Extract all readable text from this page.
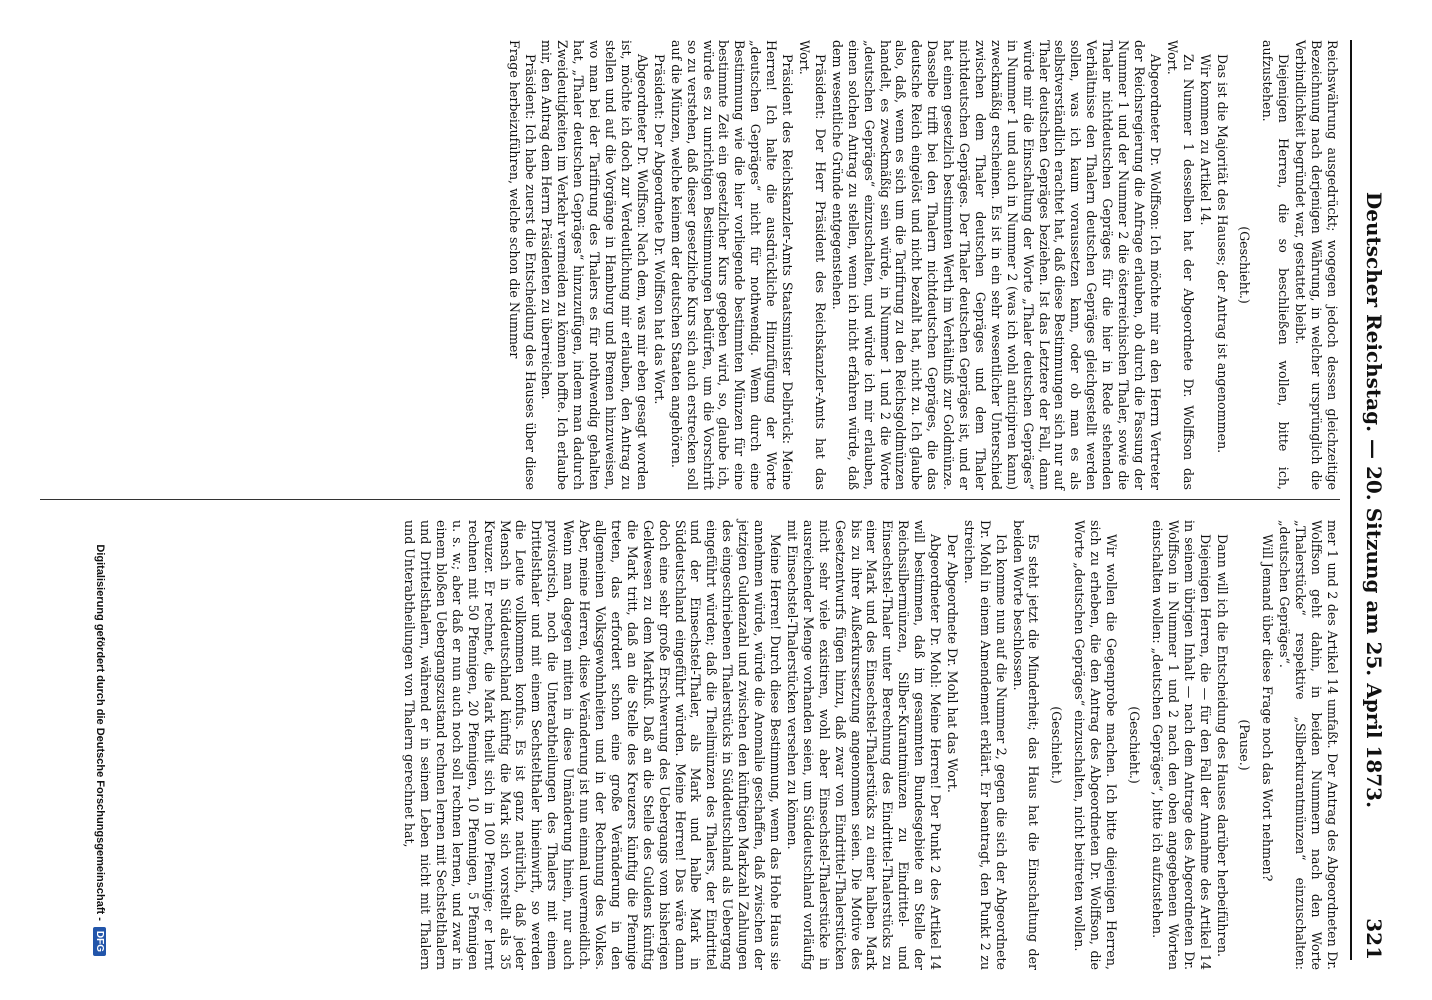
Deutscher Reichstag. — 20. Sitzung am 25. April 1873.
321

Reichswährung ausgedrückt; wogegen jedoch dessen gleichzeitige Bezeichnung nach derjenigen Währung, in welcher ursprünglich die Verbindlichkeit begründet war, gestattet bleibt.

Diejenigen Herren, die so beschließen wollen, bitte ich, aufzustehen.

(Geschieht.)

Das ist die Majorität des Hauses; der Antrag ist angenommen.

Wir kommen zu Artikel 14.

Zu Nummer 1 desselben hat der Abgeordnete Dr. Wolffson das Wort.

Abgeordneter Dr. Wolffson: Ich möchte mir an den Herrn Vertreter der Reichsregierung die Anfrage erlauben, ob durch die Fassung der Nummer 1 und der Nummer 2 die österreichischen Thaler, sowie die Thaler nichtdeutschen Gepräges für die hier in Rede stehenden Verhältnisse den Thalern deutschen Gepräges gleichgestellt werden sollen, was ich kaum voraussetzen kann, oder ob man es als selbstverständlich erachtet hat, daß diese Bestimmungen sich nur auf Thaler deutschen Gepräges beziehen. Ist das Letztere der Fall, dann würde mir die Einschaltung der Worte „Thaler deutschen Gepräges“ in Nummer 1 und auch in Nummer 2 (was ich wohl anticipiren kann) zweckmäßig erscheinen. Es ist in ein sehr wesentlicher Unterschied zwischen dem Thaler deutschen Gepräges und dem Thaler nichtdeutschen Gepräges. Der Thaler deutschen Gepräges ist, und er hat einen gesetzlich bestimmten Werth im Verhältniß zur Goldmünze. Dasselbe trifft bei den Thalern nichtdeutschen Gepräges, die das deutsche Reich eingelöst und nicht bezahlt hat, nicht zu. Ich glaube also, daß, wenn es sich um die Tarifirung zu den Reichsgoldmünzen handelt, es zweckmäßig sein würde, in Nummer 1 und 2 die Worte „deutschen Gepräges“ einzuschalten, und würde ich mir erlauben, einen solchen Antrag zu stellen, wenn ich nicht erfahren würde, daß dem wesentliche Gründe entgegenstehen.

Präsident: Der Herr Präsident des Reichskanzler-Amts hat das Wort.

Präsident des Reichskanzler-Amts Staatsminister Delbrück: Meine Herren! Ich halte die ausdrückliche Hinzufügung der Worte „deutschen Gepräges“ nicht für nothwendig. Wenn durch eine Bestimmung wie die hier vorliegende bestimmten Münzen für eine bestimmte Zeit ein gesetzlicher Kurs gegeben wird, so, glaube ich, würde es zu unrichtigen Bestimmungen bedürfen, um die Vorschrift so zu verstehen, daß dieser gesetzliche Kurs sich auch erstrecken soll auf die Münzen, welche keinem der deutschen Staaten angehören.

Präsident: Der Abgeordnete Dr. Wolffson hat das Wort.

Abgeordneter Dr. Wolffson: Nach dem, was mir eben gesagt worden ist, möchte ich doch zur Verdeutlichung mir erlauben, den Antrag zu stellen und auf die Vorgänge in Hamburg und Bremen hinzuweisen, wo man bei der Tarifirung des Thalers es für nothwendig gehalten hat, „Thaler deutschen Gepräges“ hinzuzufügen, indem man dadurch Zweideutigkeiten im Verkehr vermeiden zu können hoffte. Ich erlaube mir, den Antrag dem Herrn Präsidenten zu überreichen.

Präsident: Ich habe zuerst die Entscheidung des Hauses über diese Frage herbeizuführen, welche schon die Nummer

mer 1 und 2 des Artikel 14 umfaßt. Der Antrag des Abgeordneten Dr. Wolffson geht dahin, in beiden Nummern nach den Worte „Thalerstücke“ respektive „Silberkurantmünzen“ einzuschalten: „deutschen Gepräges“.

Will Jemand über diese Frage noch das Wort nehmen?

(Pause.)

Dann will ich die Entscheidung des Hauses darüber herbeiführen.

Diejenigen Herren, die — für den Fall der Annahme des Artikel 14 in seinem übrigen Inhalt — nach dem Antrage des Abgeordneten Dr. Wolffson in Nummer 1 und 2 nach den oben angegebenen Worten einschalten wollen: „deutschen Gepräges“, bitte ich aufzustehen.

(Geschieht.)

Wir wollen die Gegenprobe machen. Ich bitte diejenigen Herren, sich zu erheben, die den Antrag des Abgeordneten Dr. Wolffson, die Worte „deutschen Gepräges“ einzuschalten, nicht beitreten wollen.

(Geschieht.)

Es steht jetzt die Minderheit; das Haus hat die Einschaltung der beiden Worte beschlossen.

Ich komme nun auf die Nummer 2, gegen die sich der Abgeordnete Dr. Mohl in einem Amendement erklärt. Er beantragt, den Punkt 2 zu streichen.

Der Abgeordnete Dr. Mohl hat das Wort.

Abgeordneter Dr. Mohl: Meine Herren! Der Punkt 2 des Artikel 14 will bestimmen, daß im gesammten Bundesgebiete an Stelle der Reichssilbermünzen, Silber-Kurantmünzen zu Eindrittel- und Einsechstel-Thaler unter Berechnung des Eindrittel-Thalerstücks zu einer Mark und des Einsechstel-Thalerstücks zu einer halben Mark bis zu ihrer Außerkurssetzung angenommen seien. Die Motive des Gesetzentwurfs fügen hinzu, daß zwar von Eindrittel-Thalerstücken nicht sehr viele existiren, wohl aber Einsechstel-Thalerstücke in ausreichender Menge vorhanden seien, um Süddeutschland vorläufig mit Einsechstel-Thalerstücken versehen zu können.

Meine Herren! Durch diese Bestimmung, wenn das Hohe Haus sie annehmen würde, würde die Anomalie geschaffen, daß zwischen der jetzigen Guldenzahl und zwischen den künftigen Markzahl Zahlungen des eingeschriebenen Thalerstücks in Süddeutschland als Uebergang eingeführt würden; daß die Theilmünzen des Thalers, der Eindrittel und der Einsechstel-Thaler, als Mark und halbe Mark in Süddeutschland eingeführt würden. Meine Herren! Das wäre dann doch eine sehr große Erschwerung des Uebergangs vom bisherigen Geldwesen zu dem Markfuß. Daß an die Stelle des Guldens künftig die Mark tritt, daß an die Stelle des Kreuzers künftig die Pfennige treten, das erfordert schon eine große Veränderung in den allgemeinen Volksgewohnheiten und in der Rechnung des Volkes. Aber, meine Herren, diese Veränderung ist nun einmal unvermeidlich. Wenn man dagegen mitten in diese Umänderung hinein, nur auch provisorisch, noch die Unterabtheilungen des Thalers mit einem Drittelsthaler und mit einem Sechstelthaler hineinwirft, so werden die Leute vollkommen konfus. Es ist ganz natürlich, daß jeder Mensch in Süddeutschland künftig die Mark sich vorstellt als 35 Kreuzer. Er rechnet, die Mark theilt sich in 100 Pfennige; er lernt rechnen mit 50 Pfennigen, 20 Pfennigen, 10 Pfennigen, 5 Pfennigen u. s. w.; aber daß er nun auch noch soll rechnen lernen, und zwar in einem bloßen Uebergangszustand rechnen lernen mit Sechstelthalern und Drittelsthalern, während er in seinem Leben nicht mit Thalern und Unterabtheilungen von Thalern gerechnet hat,

Digitalisierung gefördert durch die Deutsche Forschungsgemeinschaft -DFG
